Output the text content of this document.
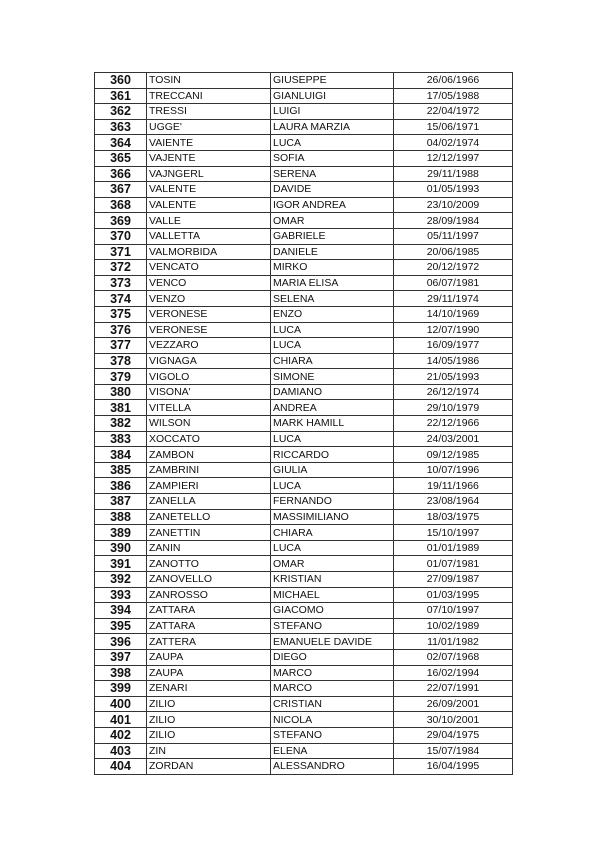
360	TOSIN	GIUSEPPE	26/06/1966
361	TRECCANI	GIANLUIGI	17/05/1988
362	TRESSI	LUIGI	22/04/1972
363	UGGE'	LAURA MARZIA	15/06/1971
364	VAIENTE	LUCA	04/02/1974
365	VAJENTE	SOFIA	12/12/1997
366	VAJNGERL	SERENA	29/11/1988
367	VALENTE	DAVIDE	01/05/1993
368	VALENTE	IGOR ANDREA	23/10/2009
369	VALLE	OMAR	28/09/1984
370	VALLETTA	GABRIELE	05/11/1997
371	VALMORBIDA	DANIELE	20/06/1985
372	VENCATO	MIRKO	20/12/1972
373	VENCO	MARIA ELISA	06/07/1981
374	VENZO	SELENA	29/11/1974
375	VERONESE	ENZO	14/10/1969
376	VERONESE	LUCA	12/07/1990
377	VEZZARO	LUCA	16/09/1977
378	VIGNAGA	CHIARA	14/05/1986
379	VIGOLO	SIMONE	21/05/1993
380	VISONA'	DAMIANO	26/12/1974
381	VITELLA	ANDREA	29/10/1979
382	WILSON	MARK HAMILL	22/12/1966
383	XOCCATO	LUCA	24/03/2001
384	ZAMBON	RICCARDO	09/12/1985
385	ZAMBRINI	GIULIA	10/07/1996
386	ZAMPIERI	LUCA	19/11/1966
387	ZANELLA	FERNANDO	23/08/1964
388	ZANETELLO	MASSIMILIANO	18/03/1975
389	ZANETTIN	CHIARA	15/10/1997
390	ZANIN	LUCA	01/01/1989
391	ZANOTTO	OMAR	01/07/1981
392	ZANOVELLO	KRISTIAN	27/09/1987
393	ZANROSSO	MICHAEL	01/03/1995
394	ZATTARA	GIACOMO	07/10/1997
395	ZATTARA	STEFANO	10/02/1989
396	ZATTERA	EMANUELE DAVIDE	11/01/1982
397	ZAUPA	DIEGO	02/07/1968
398	ZAUPA	MARCO	16/02/1994
399	ZENARI	MARCO	22/07/1991
400	ZILIO	CRISTIAN	26/09/2001
401	ZILIO	NICOLA	30/10/2001
402	ZILIO	STEFANO	29/04/1975
403	ZIN	ELENA	15/07/1984
404	ZORDAN	ALESSANDRO	16/04/1995
